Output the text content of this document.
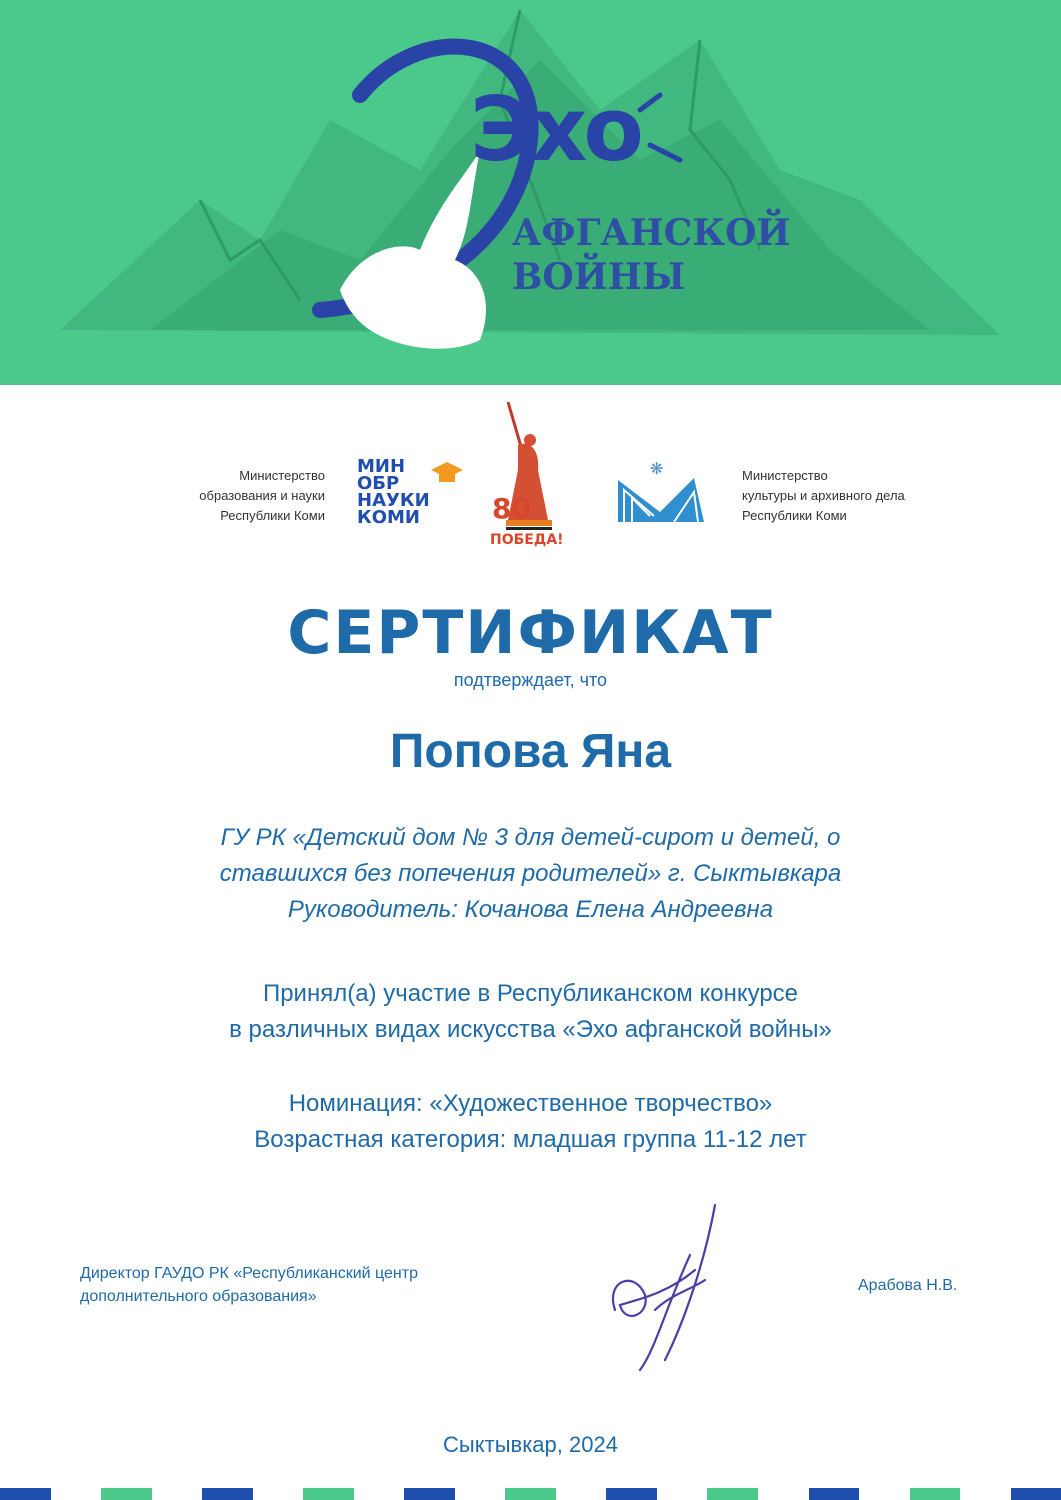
Эхо
АФГАНСКОЙ
ВОЙНЫ
Министерство
образования и науки
Республики Коми
МИН
ОБР
НАУКИ
КОМИ	80
ПОБЕДА!
❋	Министерство
культуры и архивного дела
Республики Коми
СЕРТИФИКАТ
подтверждает, что
Попова Яна
ГУ РК «Детский дом № 3 для детей-сирот и детей, о
ставшихся без попечения родителей» г. Сыктывкара
Руководитель: Кочанова Елена Андреевна
Принял(а) участие в Республиканском конкурсе
в различных видах искусства «Эхо афганской войны»
Номинация: «Художественное творчество»
Возрастная категория: младшая группа 11-12 лет
Директор ГАУДО РК «Республиканский центр
дополнительного образования»
Арабова Н.В.
Сыктывкар, 2024
